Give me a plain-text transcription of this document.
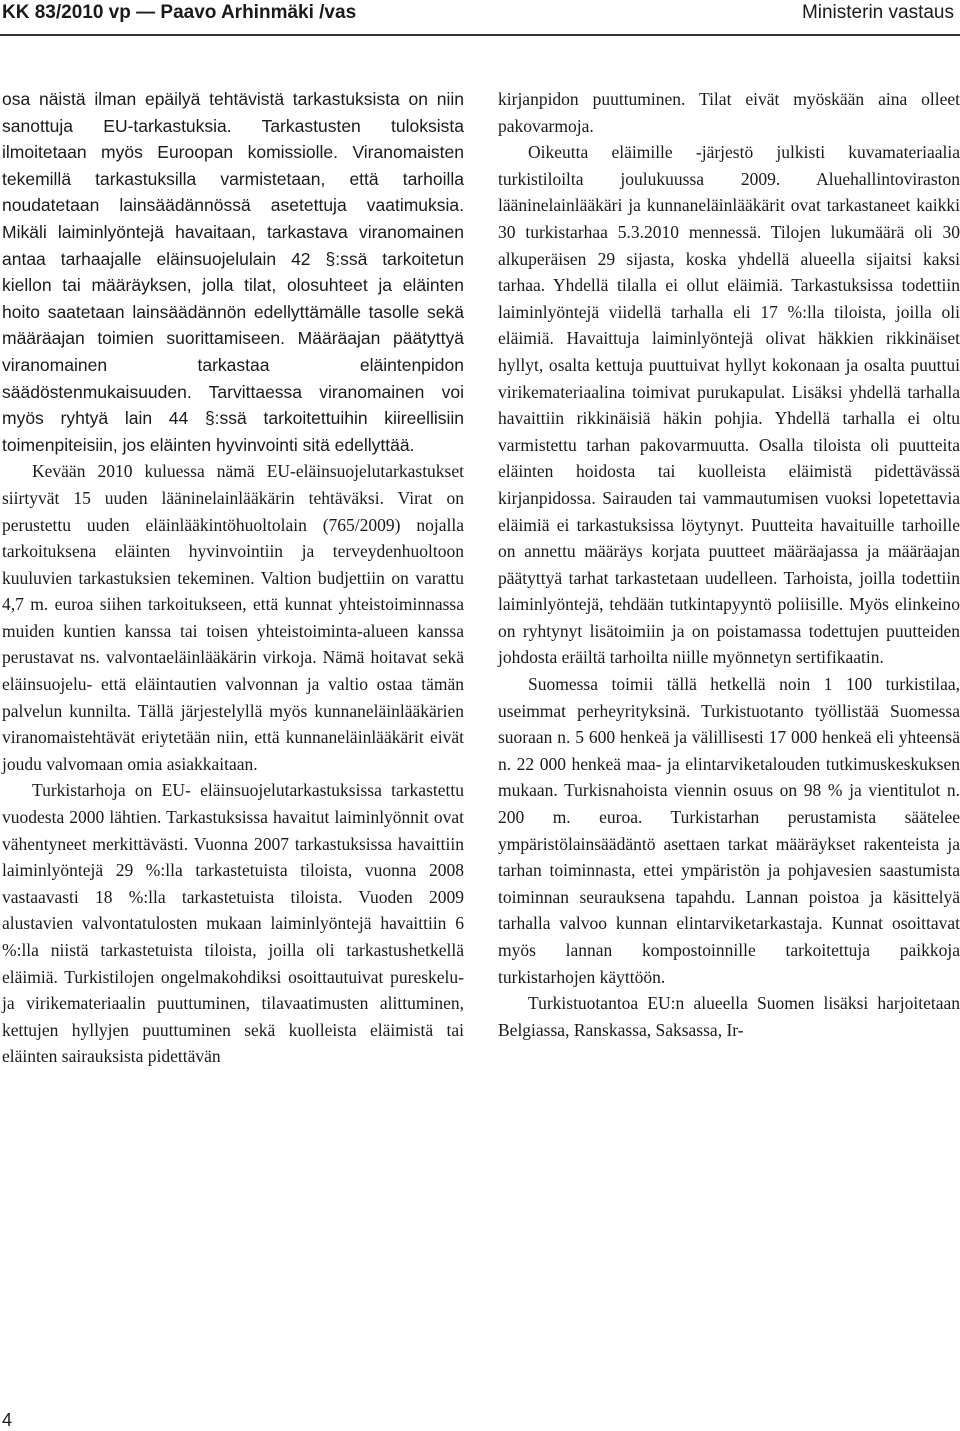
KK 83/2010 vp — Paavo Arhinmäki /vas	Ministerin vastaus

osa näistä ilman epäilyä tehtävistä tarkastuksista on niin sanottuja EU-tarkastuksia. Tarkastusten tuloksista ilmoitetaan myös Euroopan komissiolle. Viranomaisten tekemillä tarkastuksilla varmistetaan, että tarhoilla noudatetaan lainsäädännössä asetettuja vaatimuksia. Mikäli laiminlyöntejä havaitaan, tarkastava viranomainen antaa tarhaajalle eläinsuojelulain 42 §:ssä tarkoitetun kiellon tai määräyksen, jolla tilat, olosuhteet ja eläinten hoito saatetaan lainsäädännön edellyttämälle tasolle sekä määräajan toimien suorittamiseen. Määräajan päätyttyä viranomainen tarkastaa eläintenpidon säädöstenmukaisuuden. Tarvittaessa viranomainen voi myös ryhtyä lain 44 §:ssä tarkoitettuihin kiireellisiin toimenpiteisiin, jos eläinten hyvinvointi sitä edellyttää.

Kevään 2010 kuluessa nämä EU-eläinsuojelutarkastukset siirtyvät 15 uuden lääninelainlääkärin tehtäväksi. Virat on perustettu uuden eläinlääkintöhuoltolain (765/2009) nojalla tarkoituksena eläinten hyvinvointiin ja terveydenhuoltoon kuuluvien tarkastuksien tekeminen. Valtion budjettiin on varattu 4,7 m. euroa siihen tarkoitukseen, että kunnat yhteistoiminnassa muiden kuntien kanssa tai toisen yhteistoiminta-alueen kanssa perustavat ns. valvontaeläinlääkärin virkoja. Nämä hoitavat sekä eläinsuojelu- että eläintautien valvonnan ja valtio ostaa tämän palvelun kunnilta. Tällä järjestelyllä myös kunnaneläinlääkärien viranomaistehtävät eriytetään niin, että kunnaneläinlääkärit eivät joudu valvomaan omia asiakkaitaan.

Turkistarhoja on EU- eläinsuojelutarkastuksissa tarkastettu vuodesta 2000 lähtien. Tarkastuksissa havaitut laiminlyönnit ovat vähentyneet merkittävästi. Vuonna 2007 tarkastuksissa havaittiin laiminlyöntejä 29 %:lla tarkastetuista tiloista, vuonna 2008 vastaavasti 18 %:lla tarkastetuista tiloista. Vuoden 2009 alustavien valvontatulosten mukaan laiminlyöntejä havaittiin 6 %:lla niistä tarkastetuista tiloista, joilla oli tarkastushetkellä eläimiä. Turkistilojen ongelmakohdiksi osoittautuivat pureskelu- ja virikemateriaalin puuttuminen, tilavaatimusten alittuminen, kettujen hyllyjen puuttuminen sekä kuolleista eläimistä tai eläinten sairauksista pidettävän

kirjanpidon puuttuminen. Tilat eivät myöskään aina olleet pakovarmoja.

Oikeutta eläimille -järjestö julkisti kuvamateriaalia turkistiloilta joulukuussa 2009. Aluehallintoviraston lääninelainlääkäri ja kunnaneläinlääkärit ovat tarkastaneet kaikki 30 turkistarhaa 5.3.2010 mennessä. Tilojen lukumäärä oli 30 alkuperäisen 29 sijasta, koska yhdellä alueella sijaitsi kaksi tarhaa. Yhdellä tilalla ei ollut eläimiä. Tarkastuksissa todettiin laiminlyöntejä viidellä tarhalla eli 17 %:lla tiloista, joilla oli eläimiä. Havaittuja laiminlyöntejä olivat häkkien rikkinäiset hyllyt, osalta kettuja puuttuivat hyllyt kokonaan ja osalta puuttui virikemateriaalina toimivat purukapulat. Lisäksi yhdellä tarhalla havaittiin rikkinäisiä häkin pohjia. Yhdellä tarhalla ei oltu varmistettu tarhan pakovarmuutta. Osalla tiloista oli puutteita eläinten hoidosta tai kuolleista eläimistä pidettävässä kirjanpidossa. Sairauden tai vammautumisen vuoksi lopetettavia eläimiä ei tarkastuksissa löytynyt. Puutteita havaituille tarhoille on annettu määräys korjata puutteet määräajassa ja määräajan päätyttyä tarhat tarkastetaan uudelleen. Tarhoista, joilla todettiin laiminlyöntejä, tehdään tutkintapyyntö poliisille. Myös elinkeino on ryhtynyt lisätoimiin ja on poistamassa todettujen puutteiden johdosta eräiltä tarhoilta niille myönnetyn sertifikaatin.

Suomessa toimii tällä hetkellä noin 1 100 turkistilaa, useimmat perheyrityksinä. Turkistuotanto työllistää Suomessa suoraan n. 5 600 henkeä ja välillisesti 17 000 henkeä eli yhteensä n. 22 000 henkeä maa- ja elintarviketalouden tutkimuskeskuksen mukaan. Turkisnahoista viennin osuus on 98 % ja vientitulot n. 200 m. euroa. Turkistarhan perustamista säätelee ympäristölainsäädäntö asettaen tarkat määräykset rakenteista ja tarhan toiminnasta, ettei ympäristön ja pohjavesien saastumista toiminnan seurauksena tapahdu. Lannan poistoa ja käsittelyä tarhalla valvoo kunnan elintarviketarkastaja. Kunnat osoittavat myös lannan kompostoinnille tarkoitettuja paikkoja turkistarhojen käyttöön.

Turkistuotantoa EU:n alueella Suomen lisäksi harjoitetaan Belgiassa, Ranskassa, Saksassa, Ir-

4
